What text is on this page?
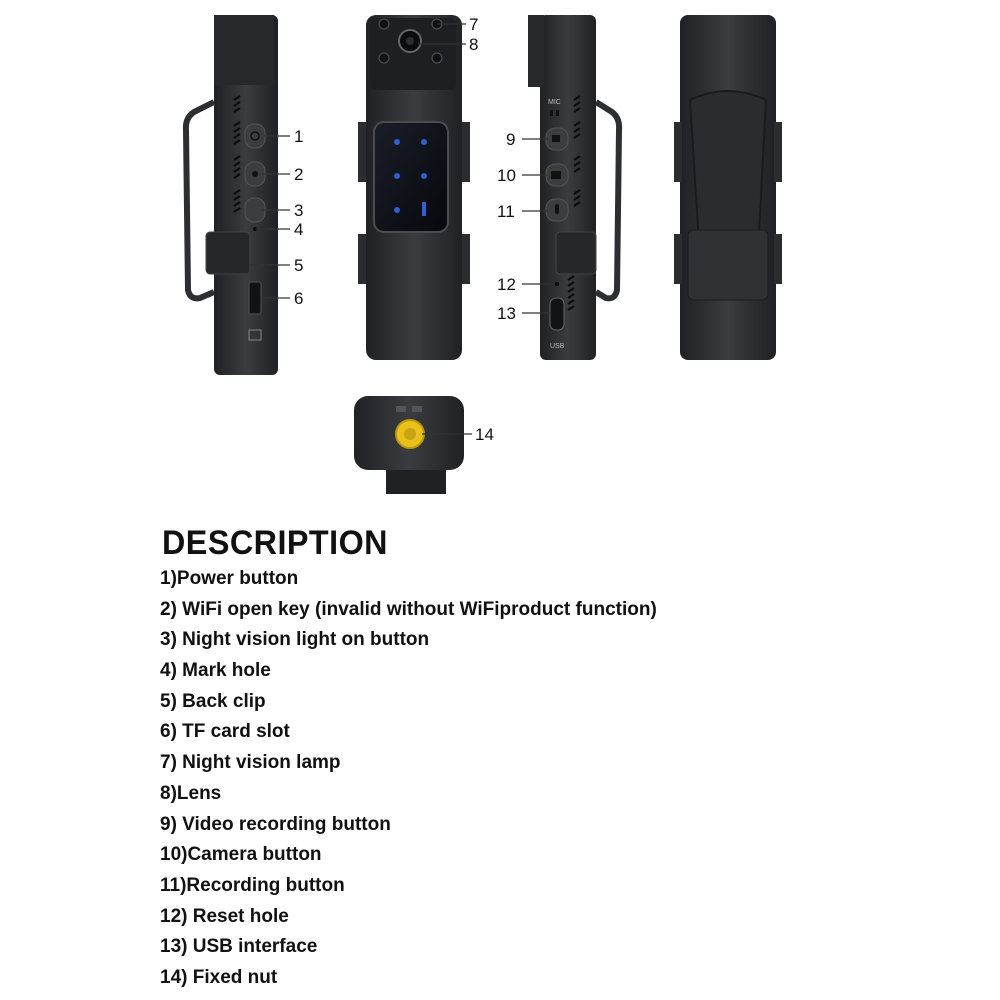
MIC
USB
1
2
3
4
5
6
7
8
9
10
11
12
13
14
DESCRIPTION
1)Power button
2) WiFi open key (invalid without WiFiproduct function)
3) Night vision light on button
4) Mark hole
5) Back clip
6) TF card slot
7) Night vision lamp
8)Lens
9) Video recording button
10)Camera button
11)Recording button
12) Reset hole
13) USB interface
14) Fixed nut
